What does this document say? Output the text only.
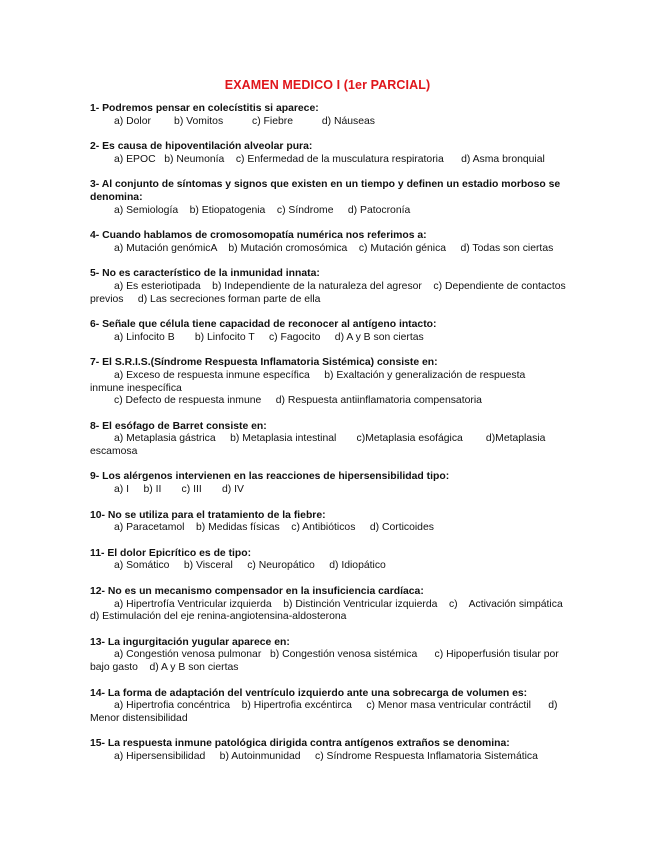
EXAMEN MEDICO I (1er PARCIAL)
1- Podremos pensar en colecístitis si aparece:
a) Dolor        b) Vomitos          c) Fiebre          d) Náuseas
2- Es causa de hipoventilación alveolar pura:
a) EPOC   b) Neumonía    c) Enfermedad de la musculatura respiratoria      d) Asma bronquial
3- Al conjunto de síntomas y signos que existen en un tiempo y definen un estadio morboso se denomina:
a) Semiología    b) Etiopatogenia    c) Síndrome     d) Patocronía
4- Cuando hablamos de cromosomopatía numérica nos referimos a:
a) Mutación genómicA    b) Mutación cromosómica    c) Mutación génica     d) Todas son ciertas
5- No es característico de la inmunidad innata:
a) Es esteriotipada    b) Independiente de la naturaleza del agresor    c) Dependiente de contactos previos     d) Las secreciones forman parte de ella
6- Señale que célula tiene capacidad de reconocer al antígeno intacto:
a) Linfocito B       b) Linfocito T     c) Fagocito     d) A y B son ciertas
7- El S.R.I.S.(Síndrome Respuesta Inflamatoria Sistémica) consiste en:
a) Exceso de respuesta inmune específica     b) Exaltación y generalización de respuesta
inmune inespecífica
c) Defecto de respuesta inmune     d) Respuesta antiinflamatoria compensatoria
8- El esófago de Barret consiste en:
a) Metaplasia gástrica     b) Metaplasia intestinal       c)Metaplasia esofágica        d)Metaplasia escamosa
9- Los alérgenos intervienen en las reacciones de hipersensibilidad tipo:
a) I     b) II       c) III       d) IV
10- No se utiliza para el tratamiento de la fiebre:
a) Paracetamol    b) Medidas físicas    c) Antibióticos     d) Corticoides
11- El dolor Epicrítico es de tipo:
a) Somático     b) Visceral     c) Neuropático     d) Idiopático
12- No es un mecanismo compensador en la insuficiencia cardíaca:
a) Hipertrofía Ventricular izquierda    b) Distinción Ventricular izquierda    c)    Activación simpática    d) Estimulación del eje renina-angiotensina-aldosterona
13- La ingurgitación yugular aparece en:
a) Congestión venosa pulmonar   b) Congestión venosa sistémica      c) Hipoperfusión tisular por bajo gasto    d) A y B son ciertas
14- La forma de adaptación del ventrículo izquierdo ante una sobrecarga de volumen es:
a) Hipertrofia concéntrica    b) Hipertrofia excéntirca     c) Menor masa ventricular contráctil      d) Menor distensibilidad
15- La respuesta inmune patológica dirigida contra antígenos extraños se denomina:
a) Hipersensibilidad     b) Autoinmunidad     c) Síndrome Respuesta Inflamatoria Sistemática
